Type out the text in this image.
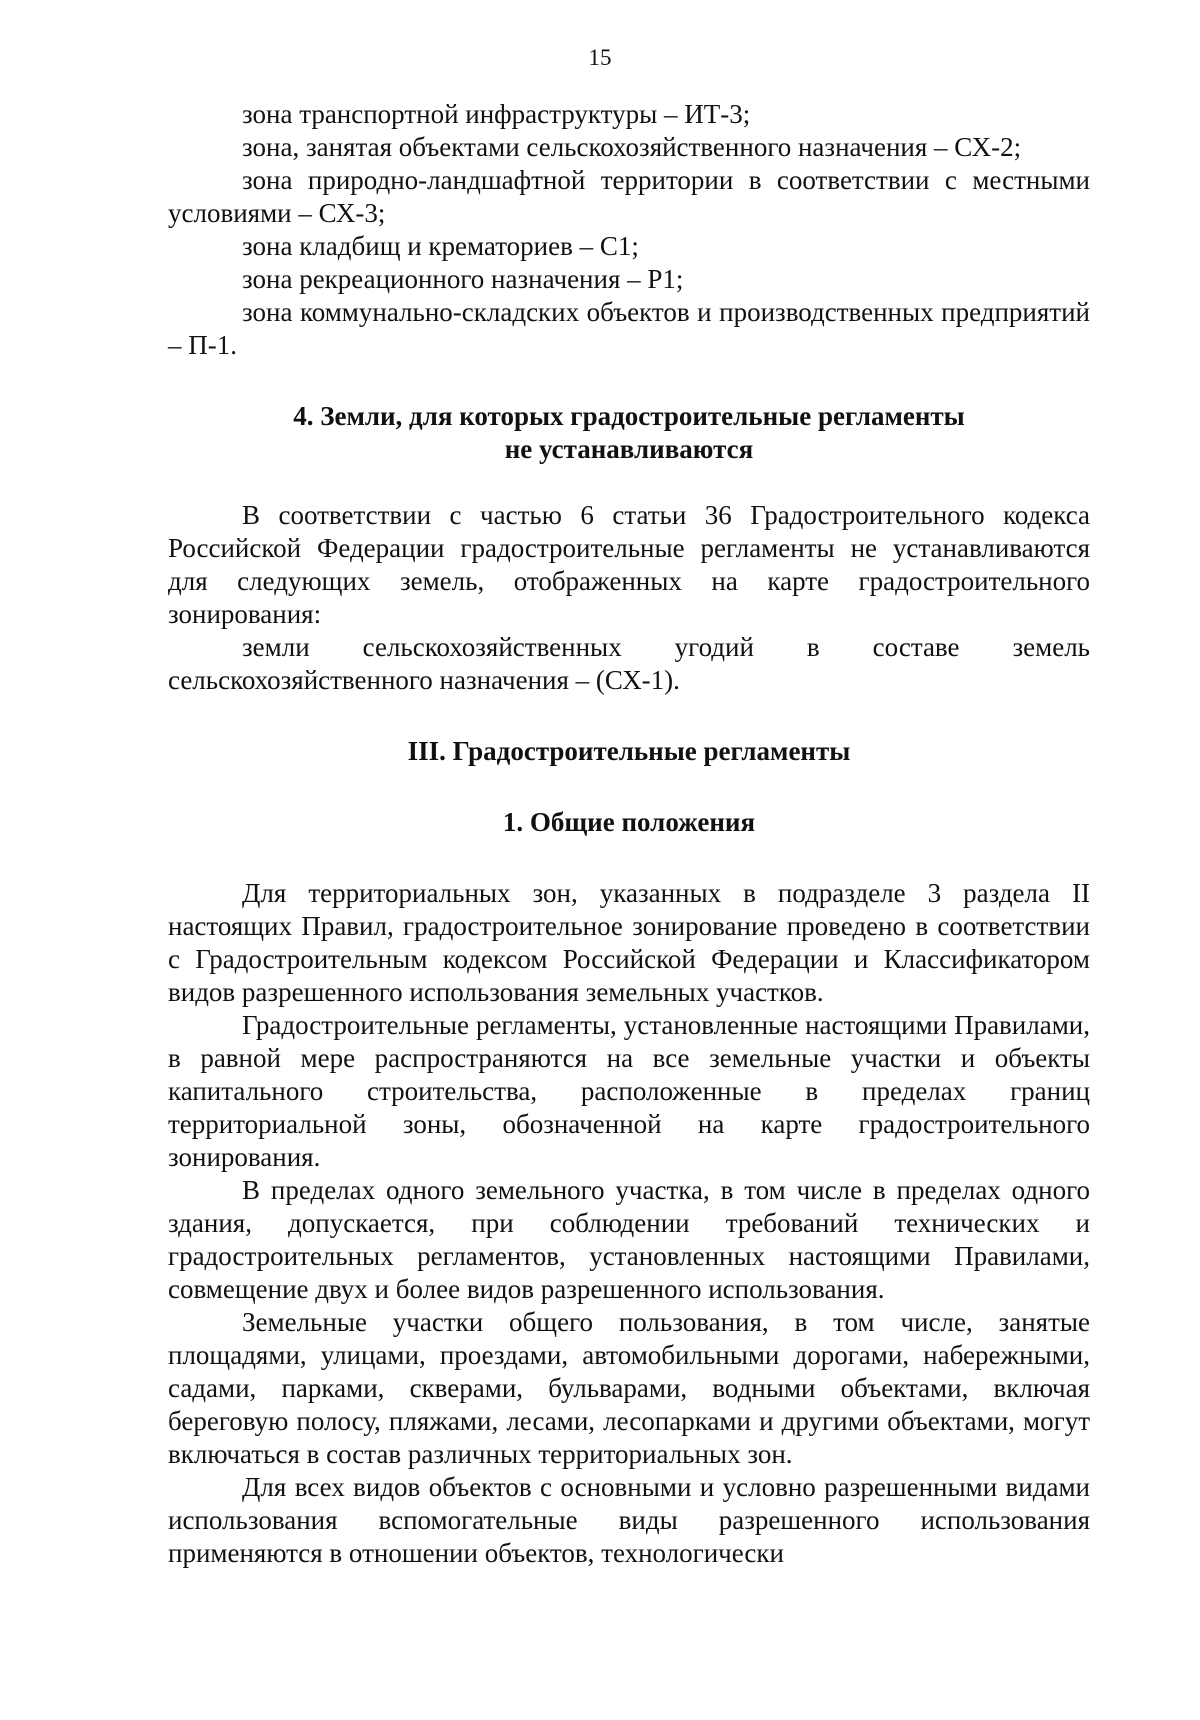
15

зона транспортной инфраструктуры – ИТ-3;

зона, занятая объектами сельскохозяйственного назначения – СХ-2;

зона природно-ландшафтной территории в соответствии с местными условиями – СХ-3;

зона кладбищ и крематориев – С1;

зона рекреационного назначения – Р1;

зона коммунально-складских объектов и производственных предприятий – П-1.

4. Земли, для которых градостроительные регламенты

не устанавливаются

В соответствии с частью 6 статьи 36 Градостроительного кодекса Российской Федерации градостроительные регламенты не устанавливаются для следующих земель, отображенных на карте градостроительного зонирования:

земли сельскохозяйственных угодий в составе земель сельскохозяйственного назначения – (СХ-1).

III. Градостроительные регламенты

1. Общие положения

Для территориальных зон, указанных в подразделе 3 раздела II настоящих Правил, градостроительное зонирование проведено в соответствии с Градостроительным кодексом Российской Федерации и Классификатором видов разрешенного использования земельных участков.

Градостроительные регламенты, установленные настоящими Правилами, в равной мере распространяются на все земельные участки и объекты капитального строительства, расположенные в пределах границ территориальной зоны, обозначенной на карте градостроительного зонирования.

В пределах одного земельного участка, в том числе в пределах одного здания, допускается, при соблюдении требований технических и градостроительных регламентов, установленных настоящими Правилами, совмещение двух и более видов разрешенного использования.

Земельные участки общего пользования, в том числе, занятые площадями, улицами, проездами, автомобильными дорогами, набережными, садами, парками, скверами, бульварами, водными объектами, включая береговую полосу, пляжами, лесами, лесопарками и другими объектами, могут включаться в состав различных территориальных зон.

Для всех видов объектов с основными и условно разрешенными видами использования вспомогательные виды разрешенного использования применяются в отношении объектов, технологически
